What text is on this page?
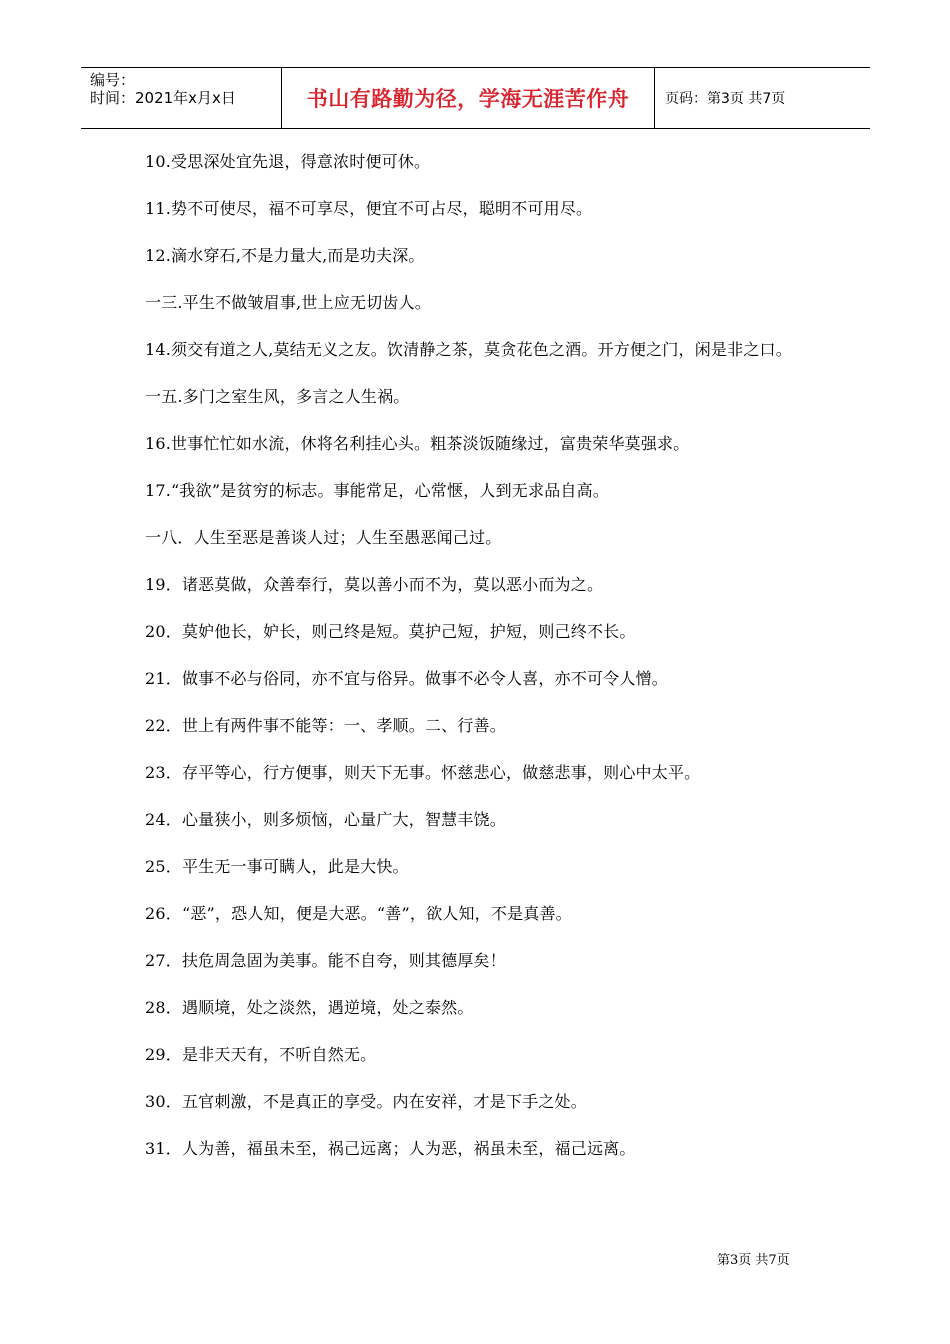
编号：
时间：2021年x月x日	书山有路勤为径，学海无涯苦作舟	页码：第3页 共7页

10.受思深处宜先退，得意浓时便可休。

11.势不可使尽，福不可享尽，便宜不可占尽，聪明不可用尽。

12.滴水穿石,不是力量大,而是功夫深。

一三.平生不做皱眉事,世上应无切齿人。

14.须交有道之人,莫结无义之友。饮清静之茶，莫贪花色之酒。开方便之门，闲是非之口。

一五.多门之室生风，多言之人生祸。

16.世事忙忙如水流，休将名利挂心头。粗茶淡饭随缘过，富贵荣华莫强求。

17.“我欲”是贫穷的标志。事能常足，心常惬，人到无求品自高。

一八．人生至恶是善谈人过；人生至愚恶闻己过。

19．诸恶莫做，众善奉行，莫以善小而不为，莫以恶小而为之。

20．莫妒他长，妒长，则己终是短。莫护己短，护短，则己终不长。

21．做事不必与俗同，亦不宜与俗异。做事不必令人喜，亦不可令人憎。

22．世上有两件事不能等：一、孝顺。二、行善。

23．存平等心，行方便事，则天下无事。怀慈悲心，做慈悲事，则心中太平。

24．心量狭小，则多烦恼，心量广大，智慧丰饶。

25．平生无一事可瞒人，此是大快。

26．“恶”，恐人知，便是大恶。“善”，欲人知，不是真善。

27．扶危周急固为美事。能不自夸，则其德厚矣！

28．遇顺境，处之淡然，遇逆境，处之泰然。

29．是非天天有，不听自然无。

30．五官刺激，不是真正的享受。内在安祥，才是下手之处。

31．人为善，福虽未至，祸己远离；人为恶，祸虽未至，福己远离。

第3页 共7页
